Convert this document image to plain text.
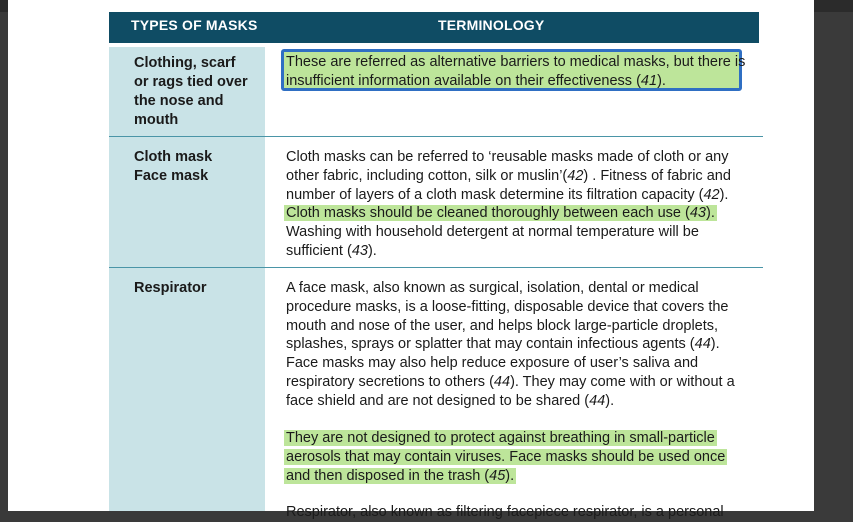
TYPES OF MASKS	TERMINOLOGY
Clothing, scarf
or rags tied over
the nose and
mouth
These are referred as alternative barriers to medical masks, but there is insufficient information available on their effectiveness (41).
Cloth mask
Face mask
Cloth masks can be referred to ‘reusable masks made of cloth or any other fabric, including cotton, silk or muslin’(42) . Fitness of fabric and number of layers of a cloth mask determine its filtration capacity (42). Cloth masks should be cleaned thoroughly between each use (43). Washing with household detergent at normal temperature will be sufficient (43).
Respirator	A face mask, also known as surgical, isolation, dental or medical procedure masks, is a loose-fitting, disposable device that covers the mouth and nose of the user, and helps block large-particle droplets, splashes, sprays or splatter that may contain infectious agents (44). Face masks may also help reduce exposure of user’s saliva and respiratory secretions to others (44). They may come with or without a face shield and are not designed to be shared (44).
They are not designed to protect against breathing in small-particle aerosols that may contain viruses. Face masks should be used once and then disposed in the trash (45).
Respirator, also known as filtering facepiece respirator, is a personal
